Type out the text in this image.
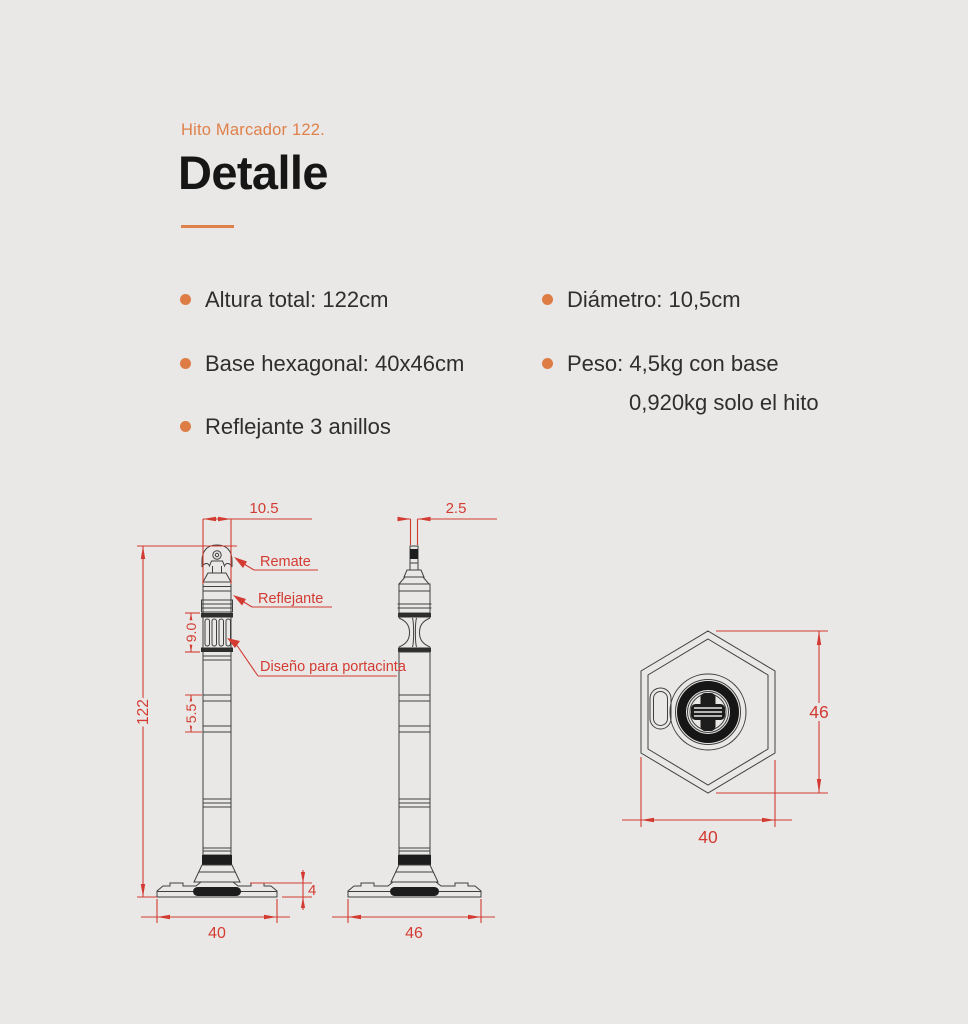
Hito Marcador 122.

Detalle
Altura total: 122cm
Base hexagonal: 40x46cm
Reflejante 3 anillos
Diámetro: 10,5cm
Peso: 4,5kg con base
0,920kg solo el hito
10.5	2.5
122
9.0
5.5
4
40	46
46
40
Remate
Reflejante
Diseño para portacinta
